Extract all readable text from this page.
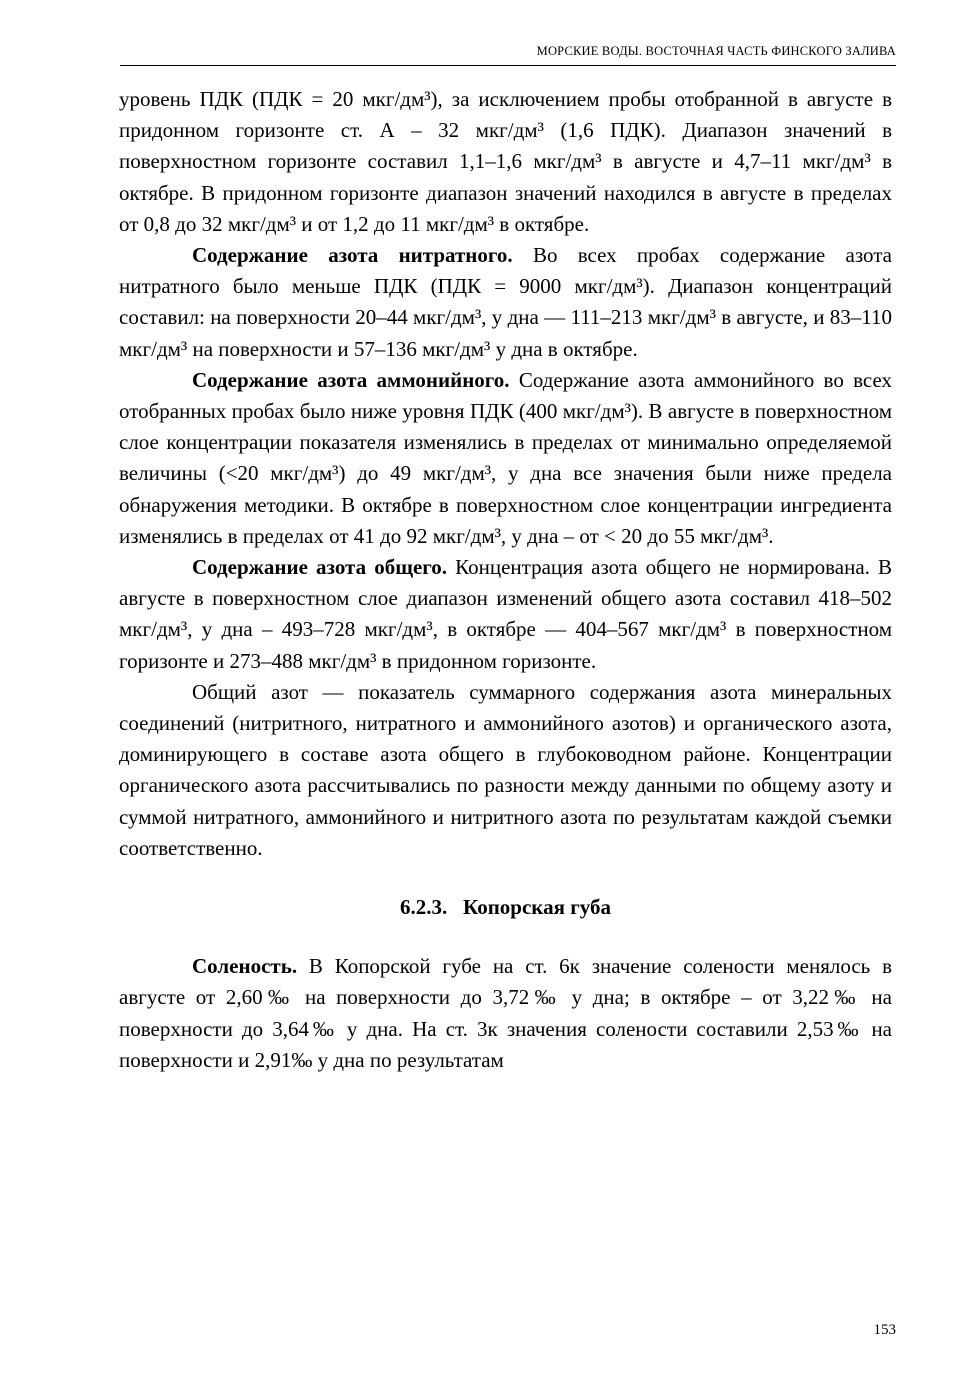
МОРСКИЕ ВОДЫ. ВОСТОЧНАЯ ЧАСТЬ ФИНСКОГО ЗАЛИВА

уровень ПДК (ПДК = 20 мкг/дм³), за исключением пробы отобранной в августе в придонном горизонте ст. А – 32 мкг/дм³ (1,6 ПДК). Диапазон значений в поверхностном горизонте составил 1,1–1,6 мкг/дм³ в августе и 4,7–11 мкг/дм³ в октябре. В придонном горизонте диапазон значений находился в августе в пределах от 0,8 до 32 мкг/дм³ и от 1,2 до 11 мкг/дм³ в октябре.

Содержание азота нитратного. Во всех пробах содержание азота нитратного было меньше ПДК (ПДК = 9000 мкг/дм³). Диапазон концентраций составил: на поверхности 20–44 мкг/дм³, у дна — 111–213 мкг/дм³ в августе, и 83–110 мкг/дм³ на поверхности и 57–136 мкг/дм³ у дна в октябре.

Содержание азота аммонийного. Содержание азота аммонийного во всех отобранных пробах было ниже уровня ПДК (400 мкг/дм³). В августе в поверхностном слое концентрации показателя изменялись в пределах от минимально определяемой величины (<20 мкг/дм³) до 49 мкг/дм³, у дна все значения были ниже предела обнаружения методики. В октябре в поверхностном слое концентрации ингредиента изменялись в пределах от 41 до 92 мкг/дм³, у дна – от < 20 до 55 мкг/дм³.

Содержание азота общего. Концентрация азота общего не нормирована. В августе в поверхностном слое диапазон изменений общего азота составил 418–502 мкг/дм³, у дна – 493–728 мкг/дм³, в октябре — 404–567 мкг/дм³ в поверхностном горизонте и 273–488 мкг/дм³ в придонном горизонте.

Общий азот — показатель суммарного содержания азота минеральных соединений (нитритного, нитратного и аммонийного азотов) и органического азота, доминирующего в составе азота общего в глубоководном районе. Концентрации органического азота рассчитывались по разности между данными по общему азоту и суммой нитратного, аммонийного и нитритного азота по результатам каждой съемки соответственно.

6.2.3. Копорская губа

Соленость. В Копорской губе на ст. 6к значение солености менялось в августе от 2,60‰ на поверхности до 3,72‰ у дна; в октябре – от 3,22‰ на поверхности до 3,64‰ у дна. На ст. 3к значения солености составили 2,53‰ на поверхности и 2,91‰ у дна по результатам

153
